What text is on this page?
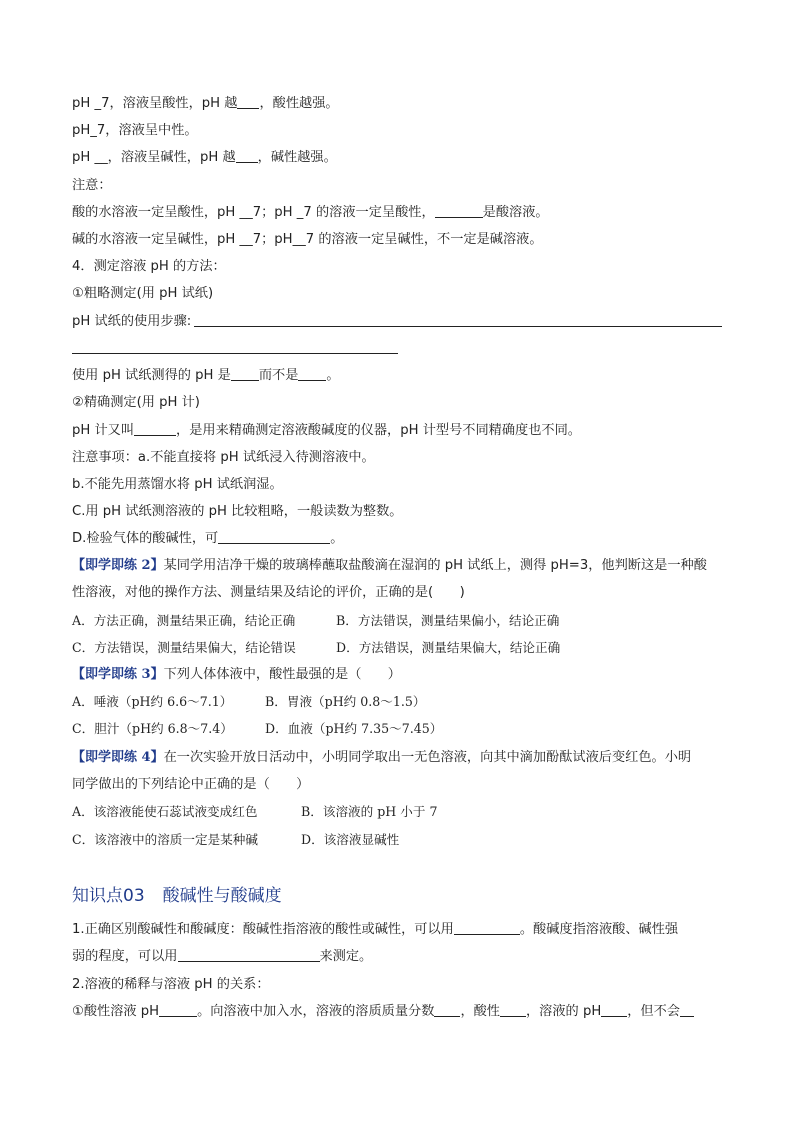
pH _7，溶液呈酸性，pH 越 ，酸性越强。
pH_7，溶液呈中性。
pH __，溶液呈碱性，pH 越 ，碱性越强。
注意：
酸的水溶液一定呈酸性，pH __7；pH _7 的溶液一定呈酸性，	是酸溶液。
碱的水溶液一定呈碱性，pH __7；pH__7 的溶液一定呈碱性，不一定是碱溶液。
4．测定溶液 pH 的方法：
①粗略测定(用 pH 试纸)
pH 试纸的使用步骤:
使用 pH 试纸测得的 pH 是 而不是 。
②精确测定(用 pH 计)
pH 计又叫	，是用来精确测定溶液酸碱度的仪器，pH 计型号不同精确度也不同。
注意事项：a.不能直接将 pH 试纸浸入待测溶液中。
b.不能先用蒸馏水将 pH 试纸润湿。
C.用 pH 试纸测溶液的 pH 比较粗略，一般读数为整数。
D.检验气体的酸碱性，可	。
【即学即练 2】某同学用洁净干燥的玻璃棒蘸取盐酸滴在湿润的 pH 试纸上，测得 pH=3，他判断这是一种酸
性溶液，对他的操作方法、测量结果及结论的评价，正确的是(　　)
A．方法正确，测量结果正确，结论正确	B．方法错误，测量结果偏小，结论正确
C．方法错误，测量结果偏大，结论错误	D．方法错误，测量结果偏大，结论正确
【即学即练 3】下列人体体液中，酸性最强的是（　　）
A．唾液（pH约 6.6～7.1）	B．胃液（pH约 0.8～1.5）
C．胆汁（pH约 6.8～7.4）	D．血液（pH约 7.35～7.45）
【即学即练 4】在一次实验开放日活动中，小明同学取出一无色溶液，向其中滴加酚酞试液后变红色。小明
同学做出的下列结论中正确的是（　　）
A．该溶液能使石蕊试液变成红色	B．该溶液的 pH 小于 7
C．该溶液中的溶质一定是某种碱	D．该溶液显碱性
知识点03 酸碱性与酸碱度
1.正确区别酸碱性和酸碱度：酸碱性指溶液的酸性或碱性，可以用	。酸碱度指溶液酸、碱性强
弱的程度，可以用	来测定。
2.溶液的稀释与溶液 pH 的关系：
①酸性溶液 pH	。向溶液中加入水，溶液的溶质质量分数 ，酸性 ，溶液的 pH ，但不会
